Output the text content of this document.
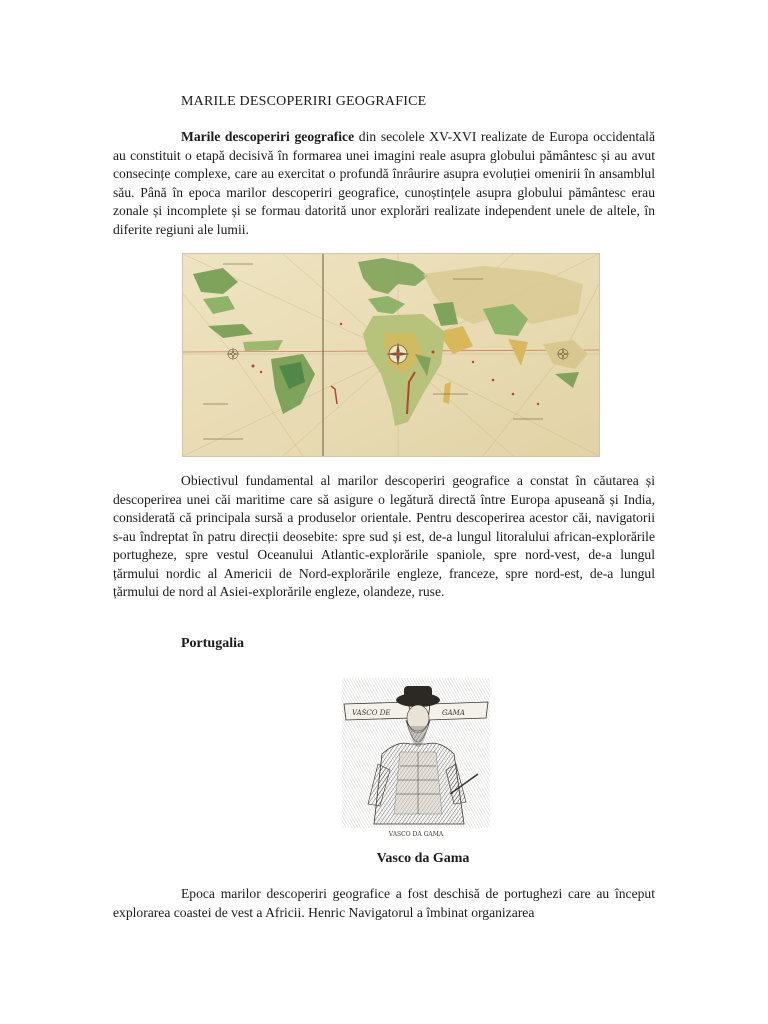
MARILE DESCOPERIRI GEOGRAFICE

Marile descoperiri geografice din secolele XV-XVI realizate de Europa occidentală au constituit o etapă decisivă în formarea unei imagini reale asupra globului pământesc și au avut consecințe complexe, care au exercitat o profundă înrâurire asupra evoluției omenirii în ansamblul său. Până în epoca marilor descoperiri geografice, cunoștințele asupra globului pământesc erau zonale și incomplete și se formau datorită unor explorări realizate independent unele de altele, în diferite regiuni ale lumii.

Obiectivul fundamental al marilor descoperiri geografice a constat în căutarea și descoperirea unei căi maritime care să asigure o legătură directă între Europa apuseană și India, considerată că principala sursă a produselor orientale. Pentru descoperirea acestor căi, navigatorii s-au îndreptat în patru direcții deosebite: spre sud și est, de-a lungul litoralului african-explorările portugheze, spre vestul Oceanului Atlantic-explorările spaniole, spre nord-vest, de-a lungul țărmului nordic al Americii de Nord-explorările engleze, franceze, spre nord-est, de-a lungul țărmului de nord al Asiei-explorările engleze, olandeze, ruse.

Portugalia
VASCO DE	GAMA
VASCO DA GAMA
Vasco da Gama

Epoca marilor descoperiri geografice a fost deschisă de portughezi care au început explorarea coastei de vest a Africii. Henric Navigatorul a îmbinat organizarea
